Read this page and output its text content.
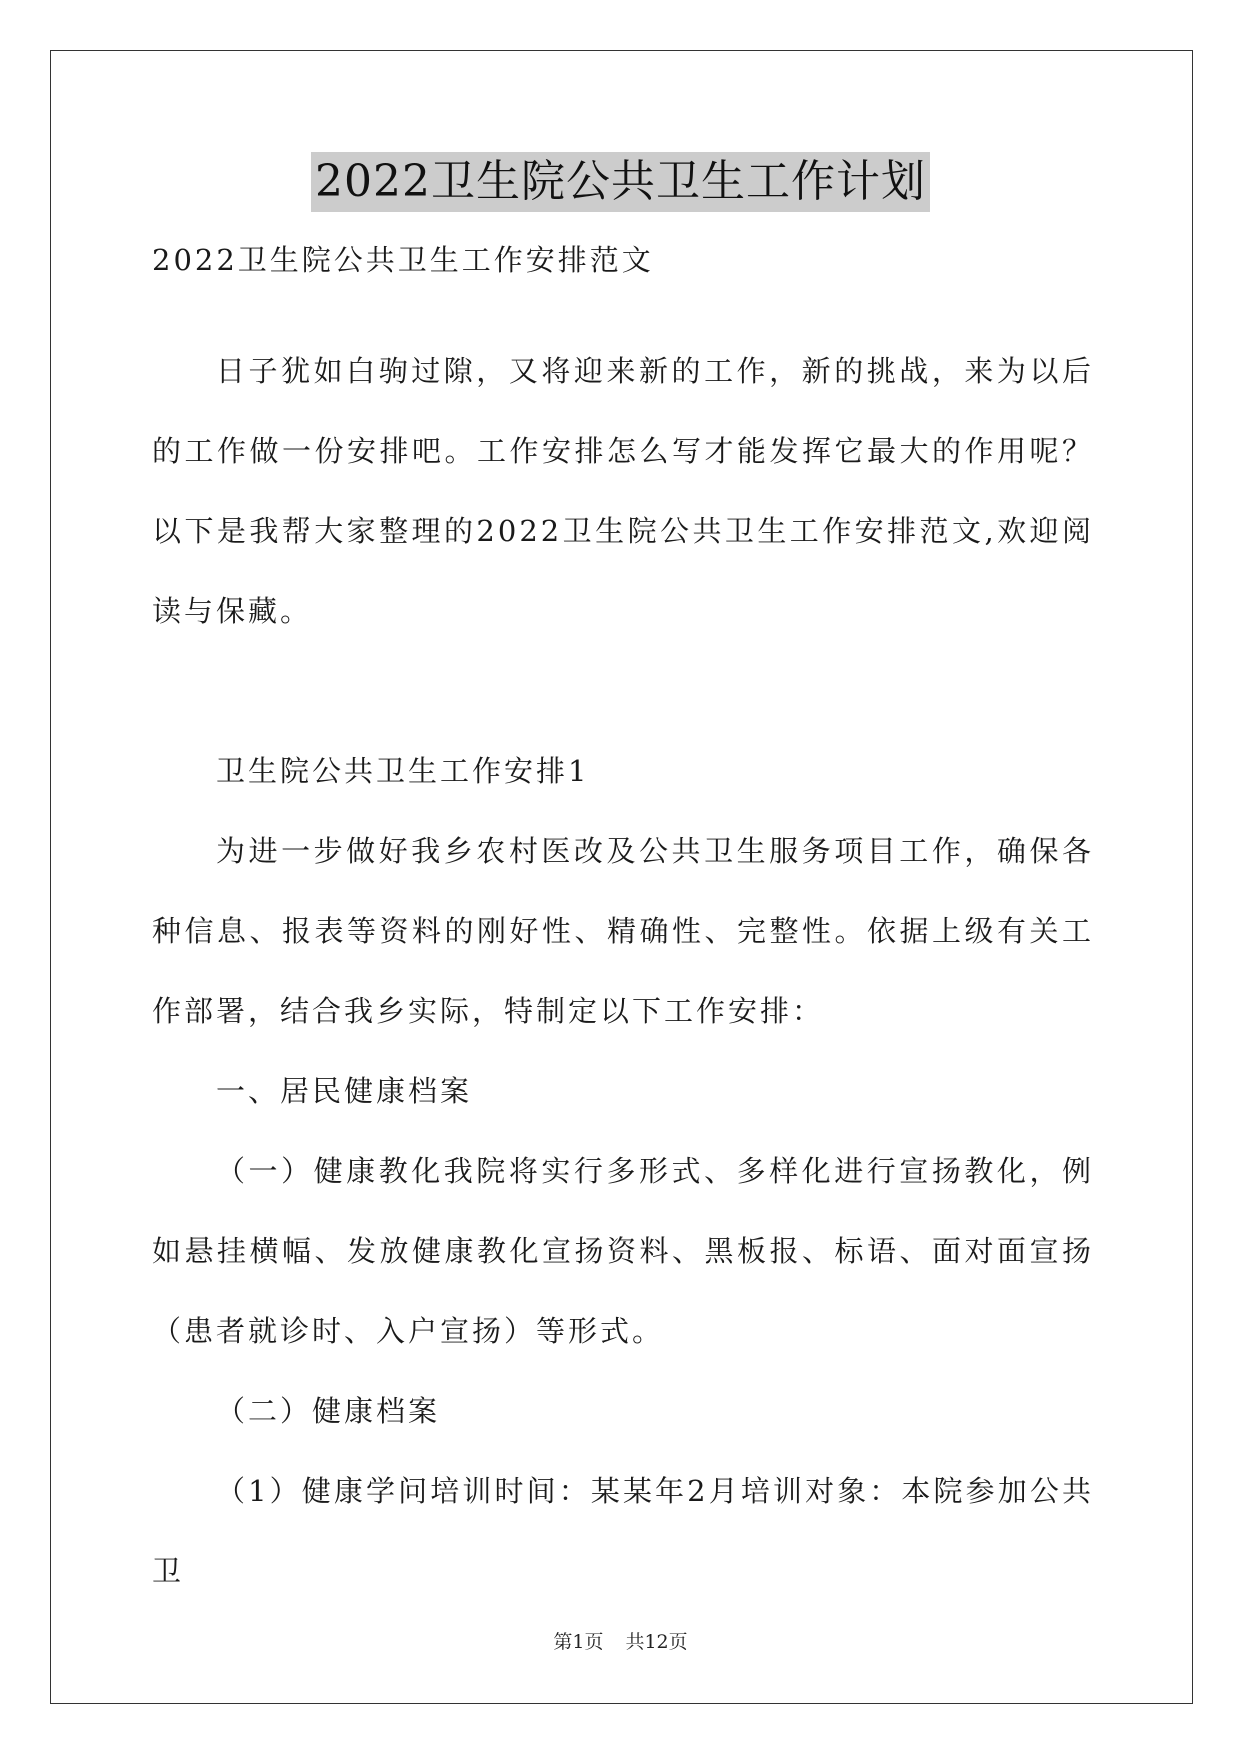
2022卫生院公共卫生工作计划
2022卫生院公共卫生工作安排范文

日子犹如白驹过隙，又将迎来新的工作，新的挑战，来为以后的工作做一份安排吧。工作安排怎么写才能发挥它最大的作用呢？以下是我帮大家整理的2022卫生院公共卫生工作安排范文,欢迎阅读与保藏。

卫生院公共卫生工作安排1

为进一步做好我乡农村医改及公共卫生服务项目工作，确保各种信息、报表等资料的刚好性、精确性、完整性。依据上级有关工作部署，结合我乡实际，特制定以下工作安排：

一、居民健康档案

（一）健康教化我院将实行多形式、多样化进行宣扬教化，例如悬挂横幅、发放健康教化宣扬资料、黑板报、标语、面对面宣扬（患者就诊时、入户宣扬）等形式。

（二）健康档案

（1）健康学问培训时间：某某年2月培训对象：本院参加公共卫

第1页 共12页
